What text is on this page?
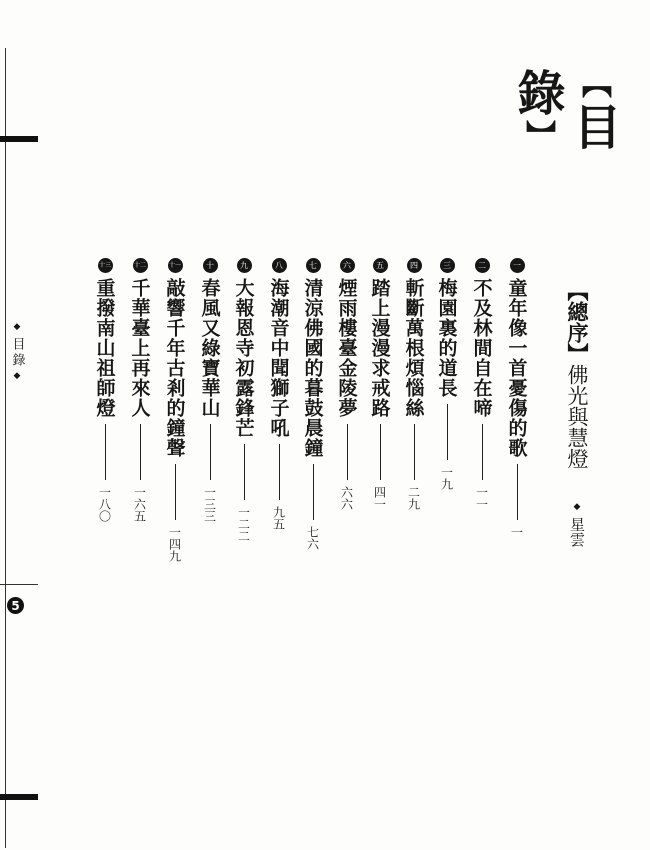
◆
目錄
◆
5
【目錄】
【總序】佛光與慧燈 ◆ 星雲
一
童年像一首憂傷的歌
一
二
不及林間自在啼
一一
三
梅園裏的道長
一九
四
斬斷萬根煩惱絲
二九
五
踏上漫漫求戒路
四一
六
煙雨樓臺金陵夢
六六
七
清涼佛國的暮鼓晨鐘
七六
八
海潮音中聞獅子吼
九五
九
大報恩寺初露鋒芒
一二二
十
春風又綠寶華山
一三三
十一
敲響千年古剎的鐘聲
一四九
十二
千華臺上再來人
一六五
十三
重撥南山祖師燈
一八〇
